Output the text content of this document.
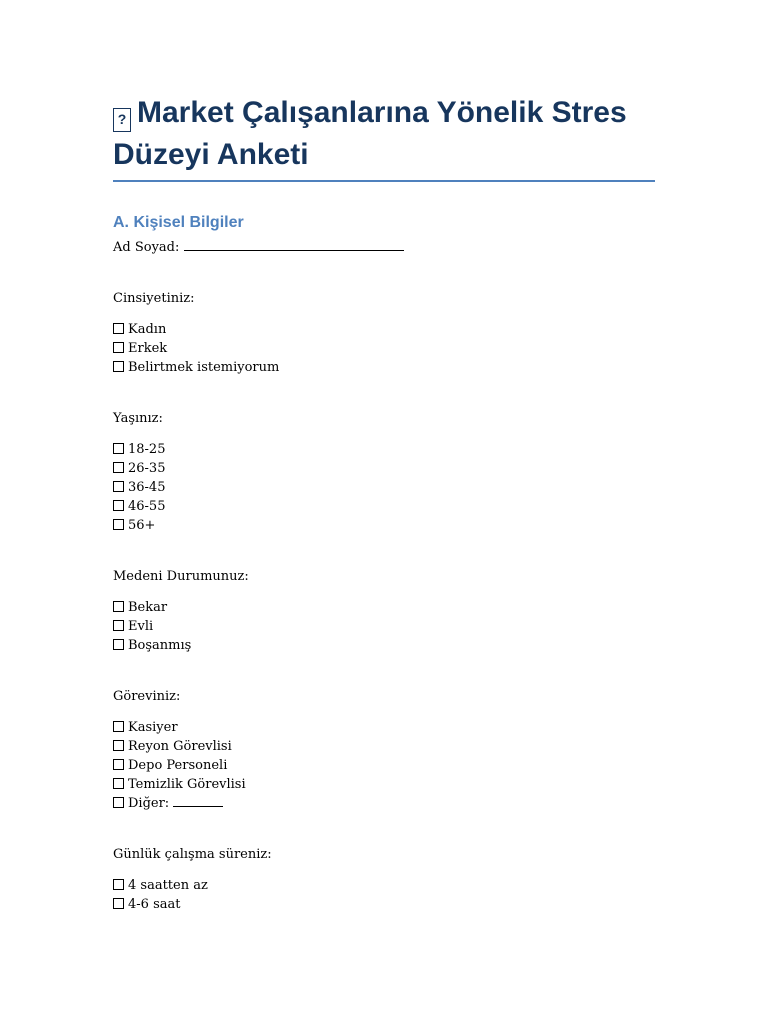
? Market Çalışanlarına Yönelik Stres Düzeyi Anketi
A. Kişisel Bilgiler
Ad Soyad:
Cinsiyetiniz:
Kadın
Erkek
Belirtmek istemiyorum
Yaşınız:
18-25
26-35
36-45
46-55
56+
Medeni Durumunuz:
Bekar
Evli
Boşanmış
Göreviniz:
Kasiyer
Reyon Görevlisi
Depo Personeli
Temizlik Görevlisi
Diğer:
Günlük çalışma süreniz:
4 saatten az
4-6 saat
